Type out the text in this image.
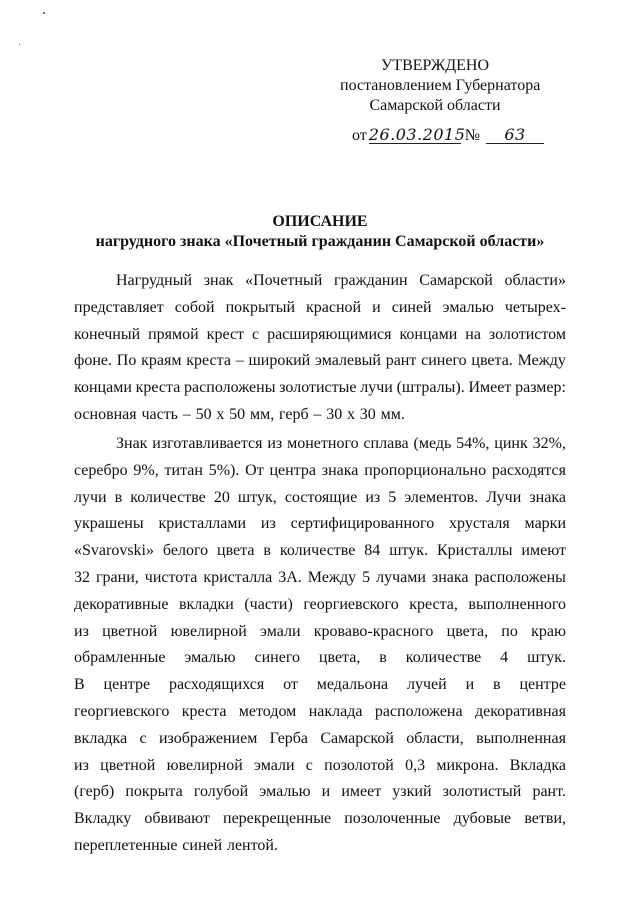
УТВЕРЖДЕНО
постановлением Губернатора
Самарской области
от 26.03.2015 № 63
ОПИСАНИЕ
нагрудного знака «Почетный гражданин Самарской области»
Нагрудный знак «Почетный гражданин Самарской области»
представляет собой покрытый красной и синей эмалью четырех-
конечный прямой крест с расширяющимися концами на золотистом
фоне. По краям креста – широкий эмалевый рант синего цвета. Между
концами креста расположены золотистые лучи (штралы). Имеет размер:
основная часть – 50 х 50 мм, герб – 30 х 30 мм.
Знак изготавливается из монетного сплава (медь 54%, цинк 32%,
серебро 9%, титан 5%). От центра знака пропорционально расходятся
лучи в количестве 20 штук, состоящие из 5 элементов. Лучи знака
украшены кристаллами из сертифицированного хрусталя марки
«Svarovski» белого цвета в количестве 84 штук. Кристаллы имеют
32 грани, чистота кристалла 3А. Между 5 лучами знака расположены
декоративные вкладки (части) георгиевского креста, выполненного
из цветной ювелирной эмали кроваво-красного цвета, по краю
обрамленные эмалью синего цвета, в количестве 4 штук.
В центре расходящихся от медальона лучей и в центре
георгиевского креста методом наклада расположена декоративная
вкладка с изображением Герба Самарской области, выполненная
из цветной ювелирной эмали с позолотой 0,3 микрона. Вкладка
(герб) покрыта голубой эмалью и имеет узкий золотистый рант.
Вкладку обвивают перекрещенные позолоченные дубовые ветви,
переплетенные синей лентой.
